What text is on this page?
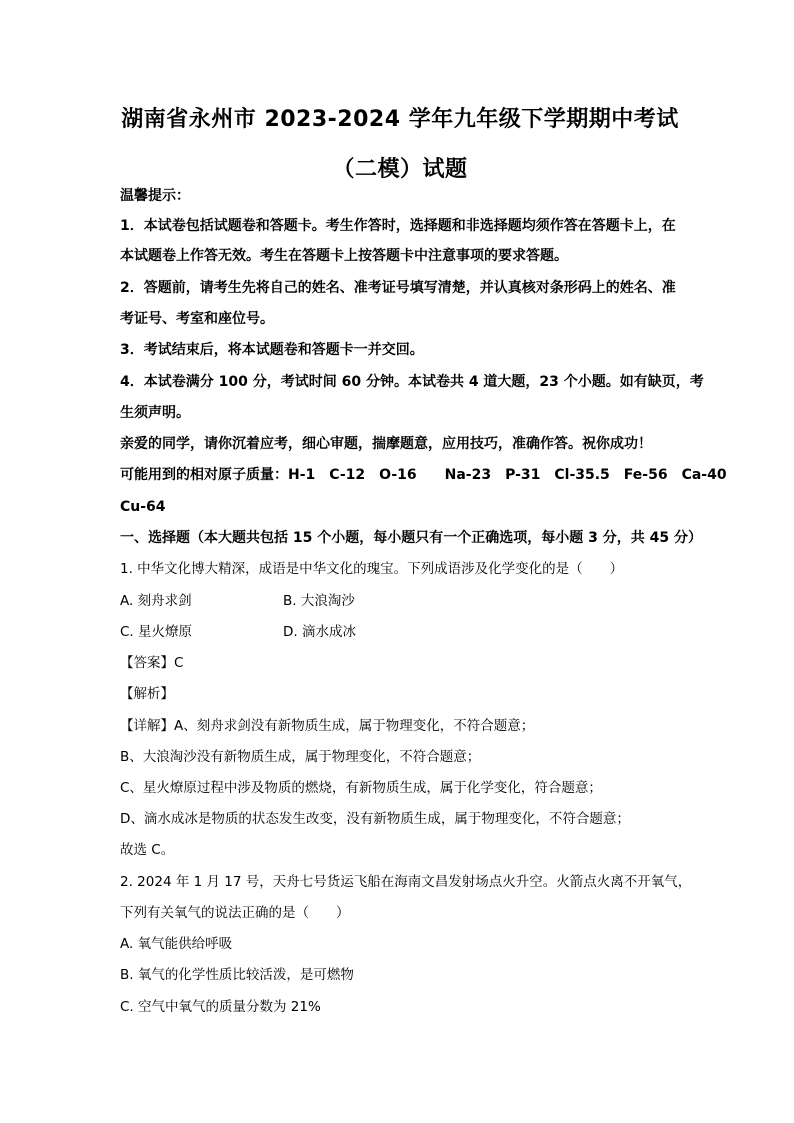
湖南省永州市 2023-2024 学年九年级下学期期中考试（二模）试题
温馨提示：
1．本试卷包括试题卷和答题卡。考生作答时，选择题和非选择题均须作答在答题卡上，在
本试题卷上作答无效。考生在答题卡上按答题卡中注意事项的要求答题。
2．答题前，请考生先将自己的姓名、准考证号填写清楚，并认真核对条形码上的姓名、准
考证号、考室和座位号。
3．考试结束后，将本试题卷和答题卡一并交回。
4．本试卷满分 100 分，考试时间 60 分钟。本试卷共 4 道大题，23 个小题。如有缺页，考
生须声明。
亲爱的同学，请你沉着应考，细心审题，揣摩题意，应用技巧，准确作答。祝你成功！
可能用到的相对原子质量：H-1　C-12　O-16　　Na-23　P-31　Cl-35.5　Fe-56　Ca-40
Cu-64
一、选择题（本大题共包括 15 个小题，每小题只有一个正确选项，每小题 3 分，共 45 分）
1. 中华文化博大精深，成语是中华文化的瑰宝。下列成语涉及化学变化的是（　　）
A. 刻舟求剑	B. 大浪淘沙
C. 星火燎原	D. 滴水成冰
【答案】C
【解析】
【详解】A、刻舟求剑没有新物质生成，属于物理变化，不符合题意；
B、大浪淘沙没有新物质生成，属于物理变化，不符合题意；
C、星火燎原过程中涉及物质的燃烧，有新物质生成，属于化学变化，符合题意；
D、滴水成冰是物质的状态发生改变，没有新物质生成，属于物理变化，不符合题意；
故选 C。
2. 2024 年 1 月 17 号，天舟七号货运飞船在海南文昌发射场点火升空。火箭点火离不开氧气，
下列有关氧气的说法正确的是（　　）
A. 氧气能供给呼吸
B. 氧气的化学性质比较活泼，是可燃物
C. 空气中氧气的质量分数为 21%
